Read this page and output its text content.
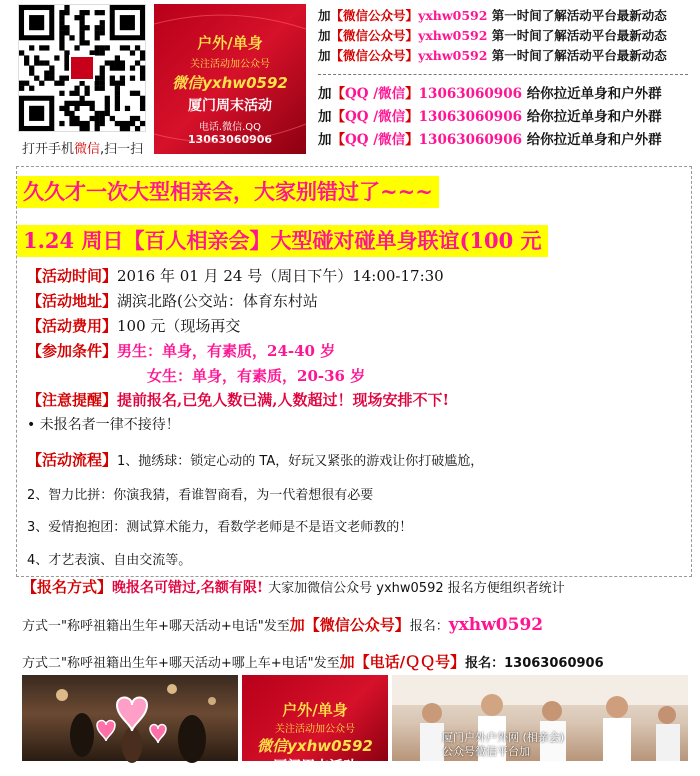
打开手机微信,扫一扫
户外/单身
关注活动加公众号
微信yxhw0592
厦门周末活动
电话.微信.QQ
13063060906
加【微信公众号】yxhw0592 第一时间了解活动平台最新动态
加【微信公众号】yxhw0592 第一时间了解活动平台最新动态
加【微信公众号】yxhw0592 第一时间了解活动平台最新动态
加【QQ /微信】13063060906 给你拉近单身和户外群
加【QQ /微信】13063060906 给你拉近单身和户外群
加【QQ /微信】13063060906 给你拉近单身和户外群
久久才一次大型相亲会，大家别错过了~~~
1.24 周日【百人相亲会】大型碰对碰单身联谊(100 元
【活动时间】2016 年 01 月 24 号（周日下午）14:00-17:30
【活动地址】湖滨北路(公交站：体育东村站
【活动费用】100 元（现场再交
【参加条件】男生：单身，有素质，24-40 岁
女生：单身，有素质，20-36 岁
【注意提醒】提前报名,已免人数已满,人数超过！现场安排不下!
• 未报名者一律不接待！
【活动流程】1、抛绣球：锁定心动的 TA，好玩又紧张的游戏让你打破尴尬，
2、智力比拼：你演我猜，看谁智商看，为一代着想很有必要
3、爱情抱抱团：测试算术能力，看数学老师是不是语文老师教的！
4、才艺表演、自由交流等。
【报名方式】晚报名可错过,名额有限! 大家加微信公众号 yxhw0592 报名方便组织者统计
方式一"称呼祖籍出生年+哪天活动+电话"发至加【微信公众号】报名：yxhw0592
方式二"称呼祖籍出生年+哪天活动+哪上车+电话"发至加【电话/ＱＱ号】报名：13063060906
户外/单身
关注活动加公众号
微信yxhw0592
厦门周末活动
厦门户外户外网 (相亲会)
公众号微信平台加
